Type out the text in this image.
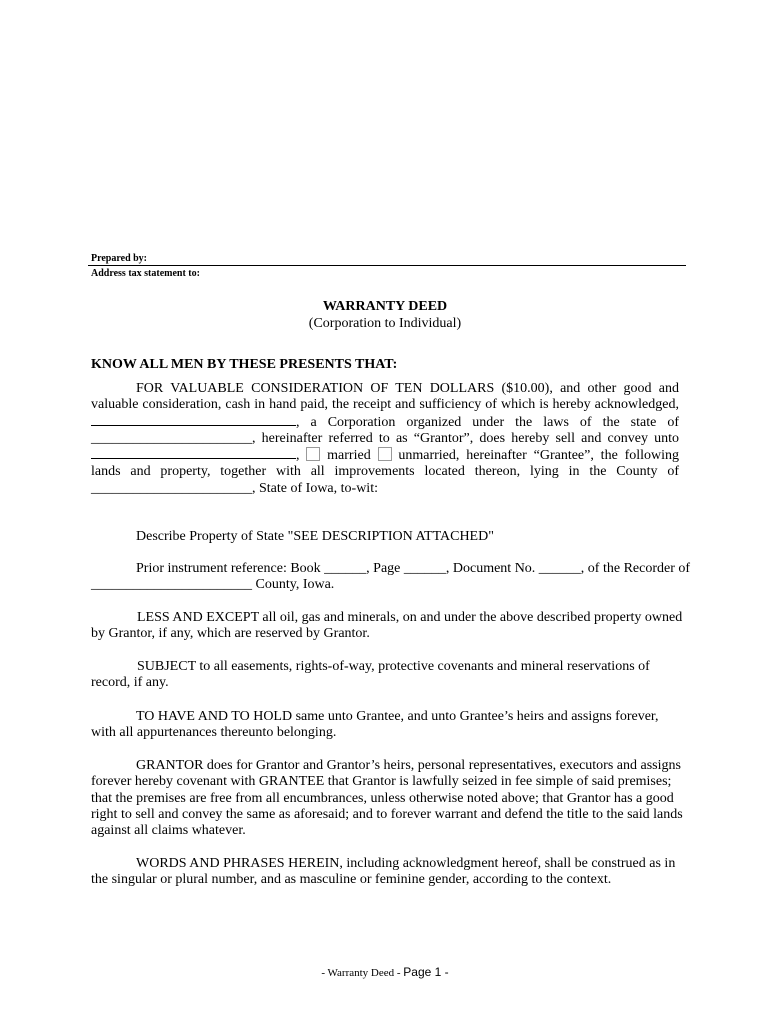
Prepared by:
Address tax statement to:
WARRANTY DEED
(Corporation to Individual)
KNOW ALL MEN BY THESE PRESENTS THAT:
FOR VALUABLE CONSIDERATION OF TEN DOLLARS ($10.00), and other good and
valuable consideration, cash in hand paid, the receipt and sufficiency of which is hereby acknowledged,
, a Corporation organized under the laws of the state of
_______________________, hereinafter referred to as “Grantor”, does hereby sell and convey unto
, married unmarried, hereinafter “Grantee”, the following
lands and property, together with all improvements located thereon, lying in the County of
_______________________, State of Iowa, to-wit:
Describe Property of State "SEE DESCRIPTION ATTACHED"
Prior instrument reference: Book ______, Page ______, Document No. ______, of the Recorder of
_______________________ County, Iowa.
LESS AND EXCEPT all oil, gas and minerals, on and under the above described property owned
by Grantor, if any, which are reserved by Grantor.
SUBJECT to all easements, rights-of-way, protective covenants and mineral reservations of
record, if any.
TO HAVE AND TO HOLD same unto Grantee, and unto Grantee’s heirs and assigns forever,
with all appurtenances thereunto belonging.
GRANTOR does for Grantor and Grantor’s heirs, personal representatives, executors and assigns
forever hereby covenant with GRANTEE that Grantor is lawfully seized in fee simple of said premises;
that the premises are free from all encumbrances, unless otherwise noted above; that Grantor has a good
right to sell and convey the same as aforesaid; and to forever warrant and defend the title to the said lands
against all claims whatever.
WORDS AND PHRASES HEREIN, including acknowledgment hereof, shall be construed as in
the singular or plural number, and as masculine or feminine gender, according to the context.
- Warranty Deed - Page 1 -
